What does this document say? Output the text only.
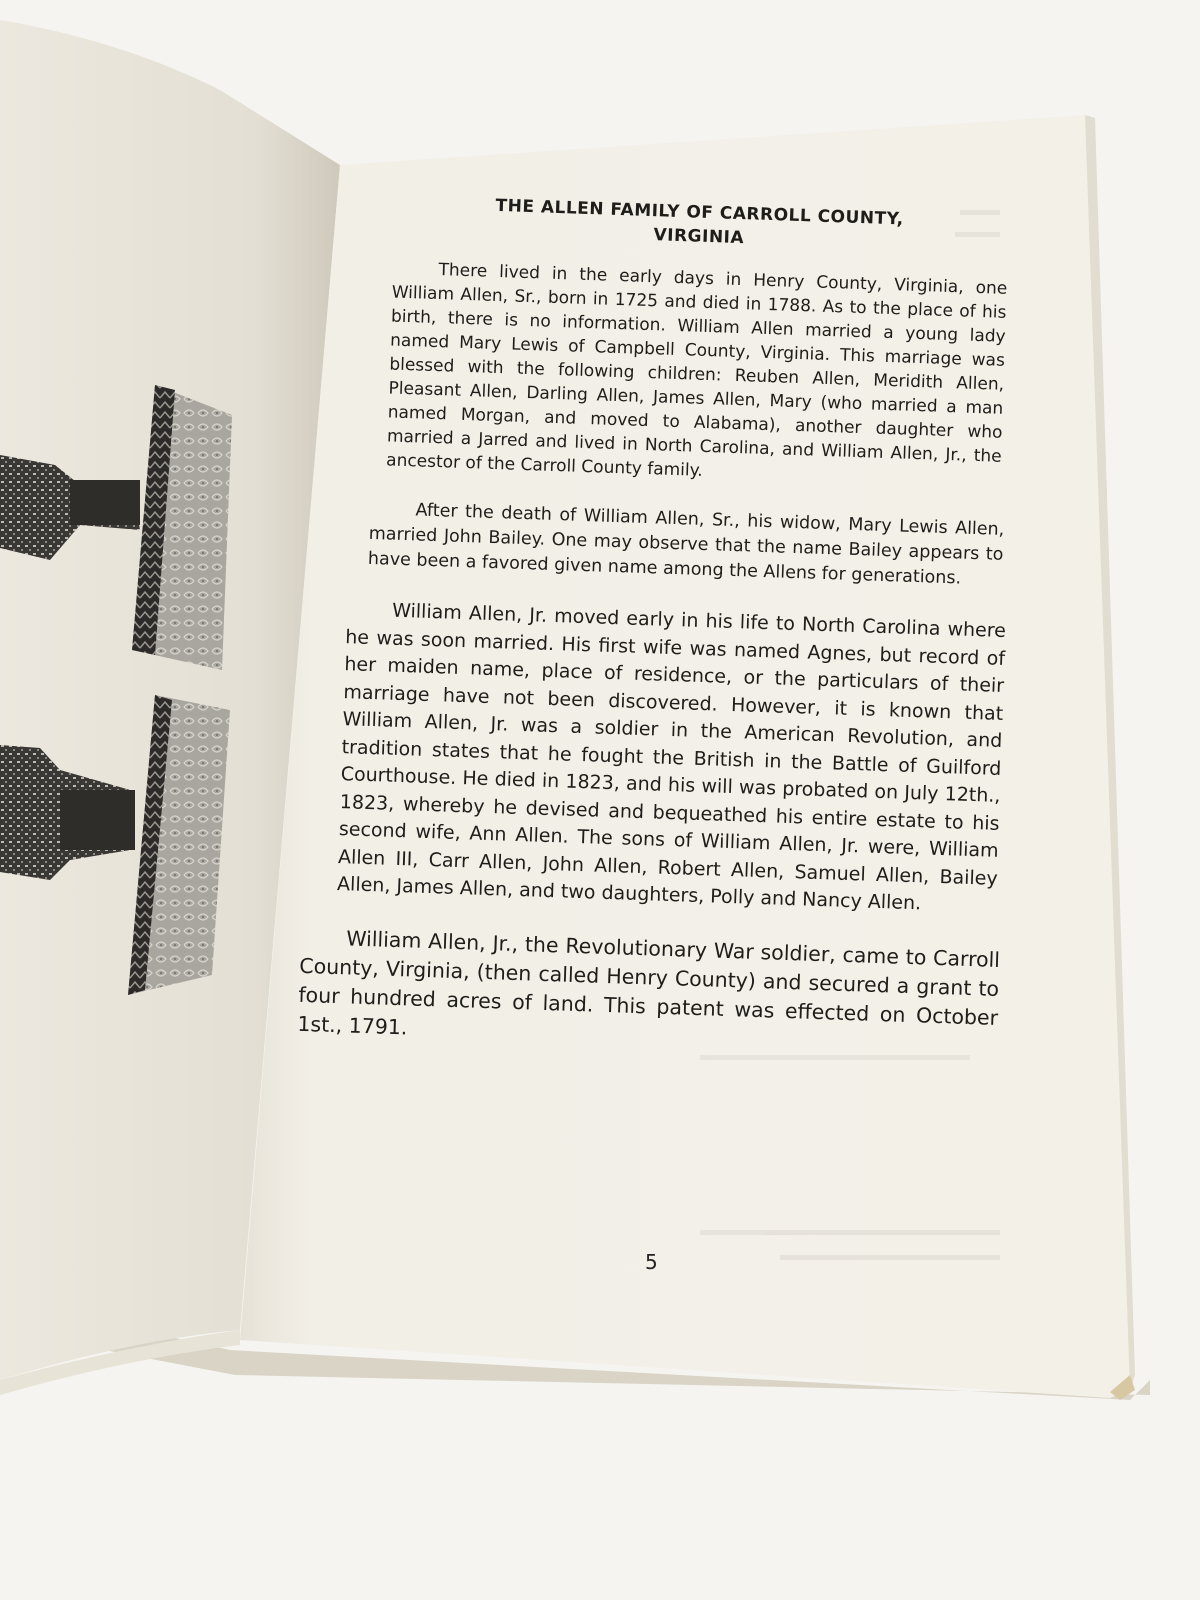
THE ALLEN FAMILY OF CARROLL COUNTY,
VIRGINIA

There lived in the early days in Henry County, Virginia, one William Allen, Sr., born in 1725 and died in 1788. As to the place of his birth, there is no information. William Allen married a young lady named Mary Lewis of Campbell County, Virginia. This marriage was blessed with the following children: Reuben Allen, Meridith Allen, Pleasant Allen, Darling Allen, James Allen, Mary (who married a man named Morgan, and moved to Alabama), another daughter who married a Jarred and lived in North Carolina, and William Allen, Jr., the ancestor of the Carroll County family.

After the death of William Allen, Sr., his widow, Mary Lewis Allen, married John Bailey. One may observe that the name Bailey appears to have been a favored given name among the Allens for generations.

William Allen, Jr. moved early in his life to North Carolina where he was soon married. His first wife was named Agnes, but record of her maiden name, place of residence, or the particulars of their marriage have not been discovered. However, it is known that William Allen, Jr. was a soldier in the American Revolution, and tradition states that he fought the British in the Battle of Guilford Courthouse. He died in 1823, and his will was probated on July 12th., 1823, whereby he devised and bequeathed his entire estate to his second wife, Ann Allen. The sons of William Allen, Jr. were, William Allen III, Carr Allen, John Allen, Robert Allen, Samuel Allen, Bailey Allen, James Allen, and two daughters, Polly and Nancy Allen.

William Allen, Jr., the Revolutionary War soldier, came to Carroll County, Virginia, (then called Henry County) and secured a grant to four hundred acres of land. This patent was effected on October 1st., 1791.

5
